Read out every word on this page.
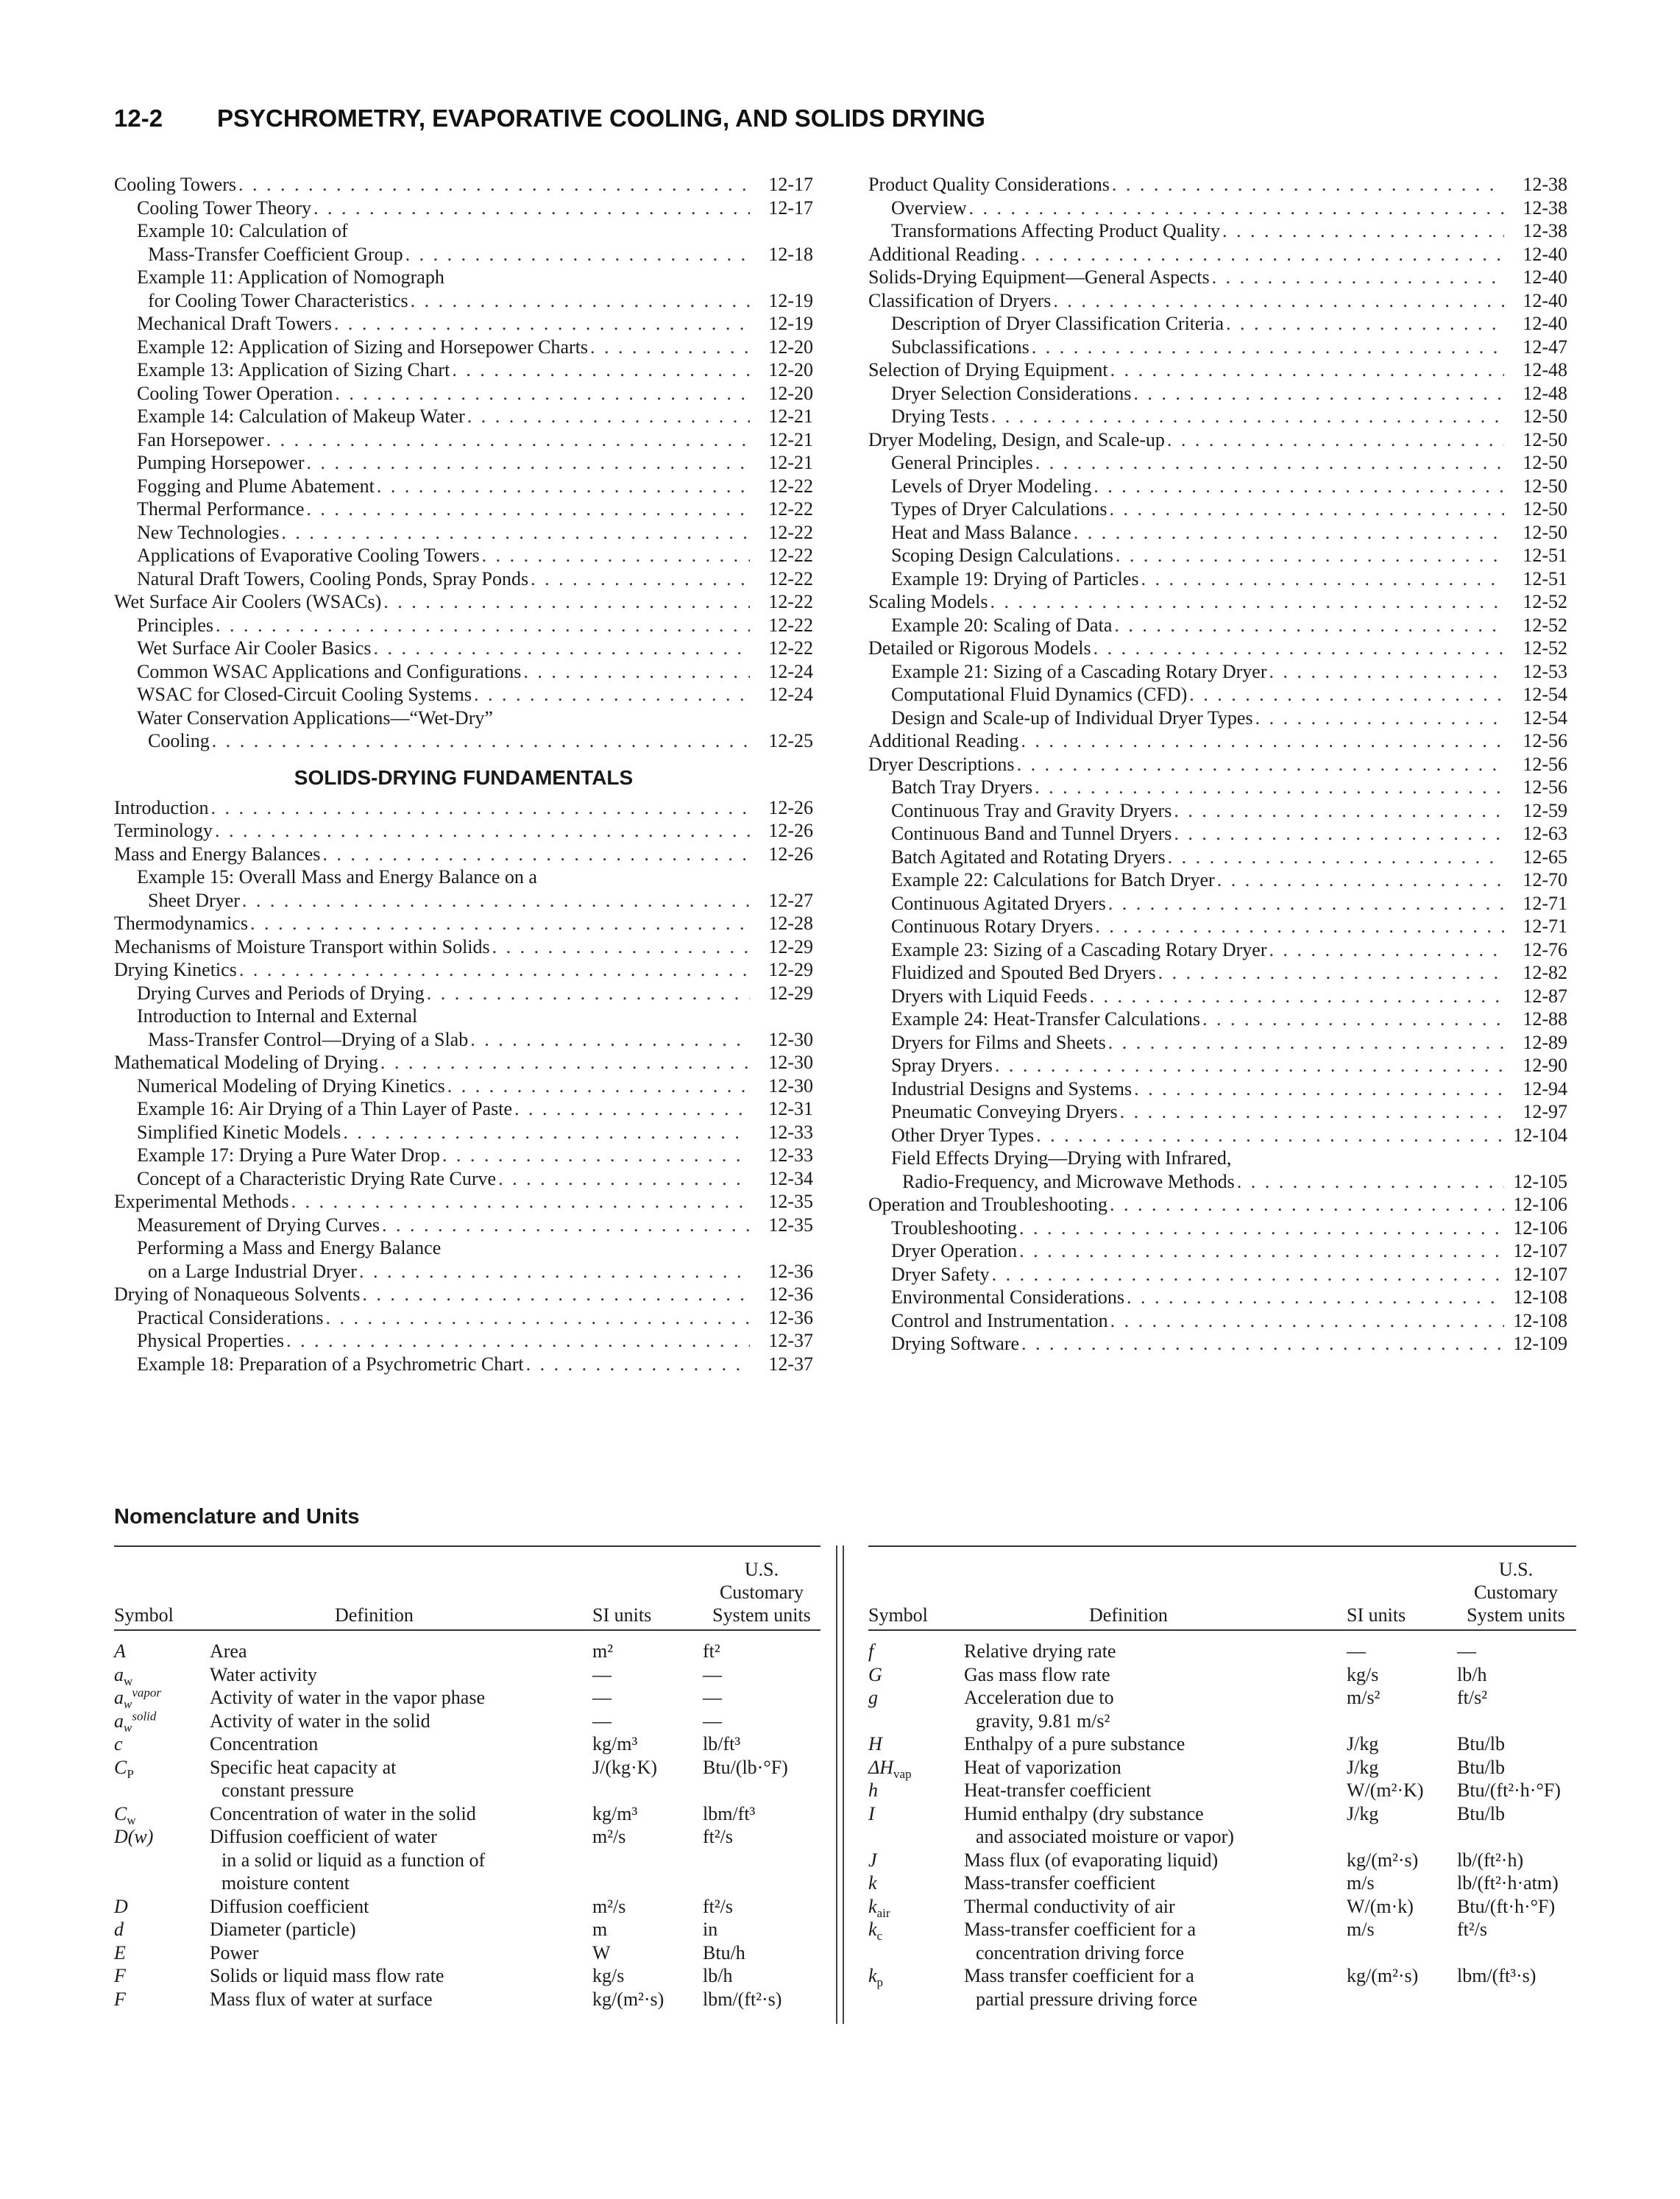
12-2 PSYCHROMETRY, EVAPORATIVE COOLING, AND SOLIDS DRYING
Cooling Towers . . .	12-17
Cooling Tower Theory . . .	12-17
Example 10: Calculation of
Mass-Transfer Coefficient Group . . .	12-18
Example 11: Application of Nomograph
for Cooling Tower Characteristics . . .	12-19
Mechanical Draft Towers . . .	12-19
Example 12: Application of Sizing and Horsepower Charts . . .	12-20
Example 13: Application of Sizing Chart . . .	12-20
Cooling Tower Operation . . .	12-20
Example 14: Calculation of Makeup Water . . .	12-21
Fan Horsepower . . .	12-21
Pumping Horsepower . . .	12-21
Fogging and Plume Abatement . . .	12-22
Thermal Performance . . .	12-22
New Technologies . . .	12-22
Applications of Evaporative Cooling Towers . . .	12-22
Natural Draft Towers, Cooling Ponds, Spray Ponds . . .	12-22
Wet Surface Air Coolers (WSACs) . . .	12-22
Principles . . .	12-22
Wet Surface Air Cooler Basics . . .	12-22
Common WSAC Applications and Configurations . . .	12-24
WSAC for Closed-Circuit Cooling Systems . . .	12-24
Water Conservation Applications—“Wet-Dry”
Cooling . . .	12-25
SOLIDS-DRYING FUNDAMENTALS
Introduction . . .	12-26
Terminology . . .	12-26
Mass and Energy Balances . . .	12-26
Example 15: Overall Mass and Energy Balance on a
Sheet Dryer . . .	12-27
Thermodynamics . . .	12-28
Mechanisms of Moisture Transport within Solids . . .	12-29
Drying Kinetics . . .	12-29
Drying Curves and Periods of Drying . . .	12-29
Introduction to Internal and External
Mass-Transfer Control—Drying of a Slab . . .	12-30
Mathematical Modeling of Drying . . .	12-30
Numerical Modeling of Drying Kinetics . . .	12-30
Example 16: Air Drying of a Thin Layer of Paste . . .	12-31
Simplified Kinetic Models . . .	12-33
Example 17: Drying a Pure Water Drop . . .	12-33
Concept of a Characteristic Drying Rate Curve . . .	12-34
Experimental Methods . . .	12-35
Measurement of Drying Curves . . .	12-35
Performing a Mass and Energy Balance
on a Large Industrial Dryer . . .	12-36
Drying of Nonaqueous Solvents . . .	12-36
Practical Considerations . . .	12-36
Physical Properties . . .	12-37
Example 18: Preparation of a Psychrometric Chart . . .	12-37
Product Quality Considerations . . .	12-38
Overview . . .	12-38
Transformations Affecting Product Quality . . .	12-38
Additional Reading . . .	12-40
Solids-Drying Equipment—General Aspects . . .	12-40
Classification of Dryers . . .	12-40
Description of Dryer Classification Criteria . . .	12-40
Subclassifications . . .	12-47
Selection of Drying Equipment . . .	12-48
Dryer Selection Considerations . . .	12-48
Drying Tests . . .	12-50
Dryer Modeling, Design, and Scale-up . . .	12-50
General Principles . . .	12-50
Levels of Dryer Modeling . . .	12-50
Types of Dryer Calculations . . .	12-50
Heat and Mass Balance . . .	12-50
Scoping Design Calculations . . .	12-51
Example 19: Drying of Particles . . .	12-51
Scaling Models . . .	12-52
Example 20: Scaling of Data . . .	12-52
Detailed or Rigorous Models . . .	12-52
Example 21: Sizing of a Cascading Rotary Dryer . . .	12-53
Computational Fluid Dynamics (CFD) . . .	12-54
Design and Scale-up of Individual Dryer Types . . .	12-54
Additional Reading . . .	12-56
Dryer Descriptions . . .	12-56
Batch Tray Dryers . . .	12-56
Continuous Tray and Gravity Dryers . . .	12-59
Continuous Band and Tunnel Dryers . . .	12-63
Batch Agitated and Rotating Dryers . . .	12-65
Example 22: Calculations for Batch Dryer . . .	12-70
Continuous Agitated Dryers . . .	12-71
Continuous Rotary Dryers . . .	12-71
Example 23: Sizing of a Cascading Rotary Dryer . . .	12-76
Fluidized and Spouted Bed Dryers . . .	12-82
Dryers with Liquid Feeds . . .	12-87
Example 24: Heat-Transfer Calculations . . .	12-88
Dryers for Films and Sheets . . .	12-89
Spray Dryers . . .	12-90
Industrial Designs and Systems . . .	12-94
Pneumatic Conveying Dryers . . .	12-97
Other Dryer Types . . .	12-104
Field Effects Drying—Drying with Infrared,
Radio-Frequency, and Microwave Methods . . .	12-105
Operation and Troubleshooting . . .	12-106
Troubleshooting . . .	12-106
Dryer Operation . . .	12-107
Dryer Safety . . .	12-107
Environmental Considerations . . .	12-108
Control and Instrumentation . . .	12-108
Drying Software . . .	12-109
Nomenclature and Units
Symbol	Definition	SI units
U.S.
Customary
System units
A	Area	m²	ft²
$a_w$	Water activity	—	—
$a_w^{vapor}$	Activity of water in the vapor phase	—	—
$a_w^{solid}$	Activity of water in the solid	—	—
c	Concentration	kg/m³	lb/ft³
$C_P$	Specific heat capacity at
constant pressure
J/(kg·K)	Btu/(lb·°F)
$C_w$	Concentration of water in the solid	kg/m³	lbm/ft³
D(w)	Diffusion coefficient of water
in a solid or liquid as a function of
moisture content
m²/s	ft²/s
D	Diffusion coefficient	m²/s	ft²/s
d	Diameter (particle)	m	in
E	Power	W	Btu/h
F	Solids or liquid mass flow rate	kg/s	lb/h
F	Mass flux of water at surface	kg/(m²·s)	lbm/(ft²·s)
Symbol	Definition	SI units
U.S.
Customary
System units
f	Relative drying rate	—	—
G	Gas mass flow rate	kg/s	lb/h
g	Acceleration due to
gravity, 9.81 m/s²
m/s²	ft/s²
H	Enthalpy of a pure substance	J/kg	Btu/lb
$\Delta H_{vap}$	Heat of vaporization	J/kg	Btu/lb
h	Heat-transfer coefficient	W/(m²·K)	Btu/(ft²·h·°F)
I	Humid enthalpy (dry substance
and associated moisture or vapor)
J/kg	Btu/lb
J	Mass flux (of evaporating liquid)	kg/(m²·s)	lb/(ft²·h)
k	Mass-transfer coefficient	m/s	lb/(ft²·h·atm)
$k_{air}$	Thermal conductivity of air	W/(m·k)	Btu/(ft·h·°F)
$k_c$	Mass-transfer coefficient for a
concentration driving force
m/s	ft²/s
$k_p$	Mass transfer coefficient for a
partial pressure driving force
kg/(m²·s)	lbm/(ft³·s)
